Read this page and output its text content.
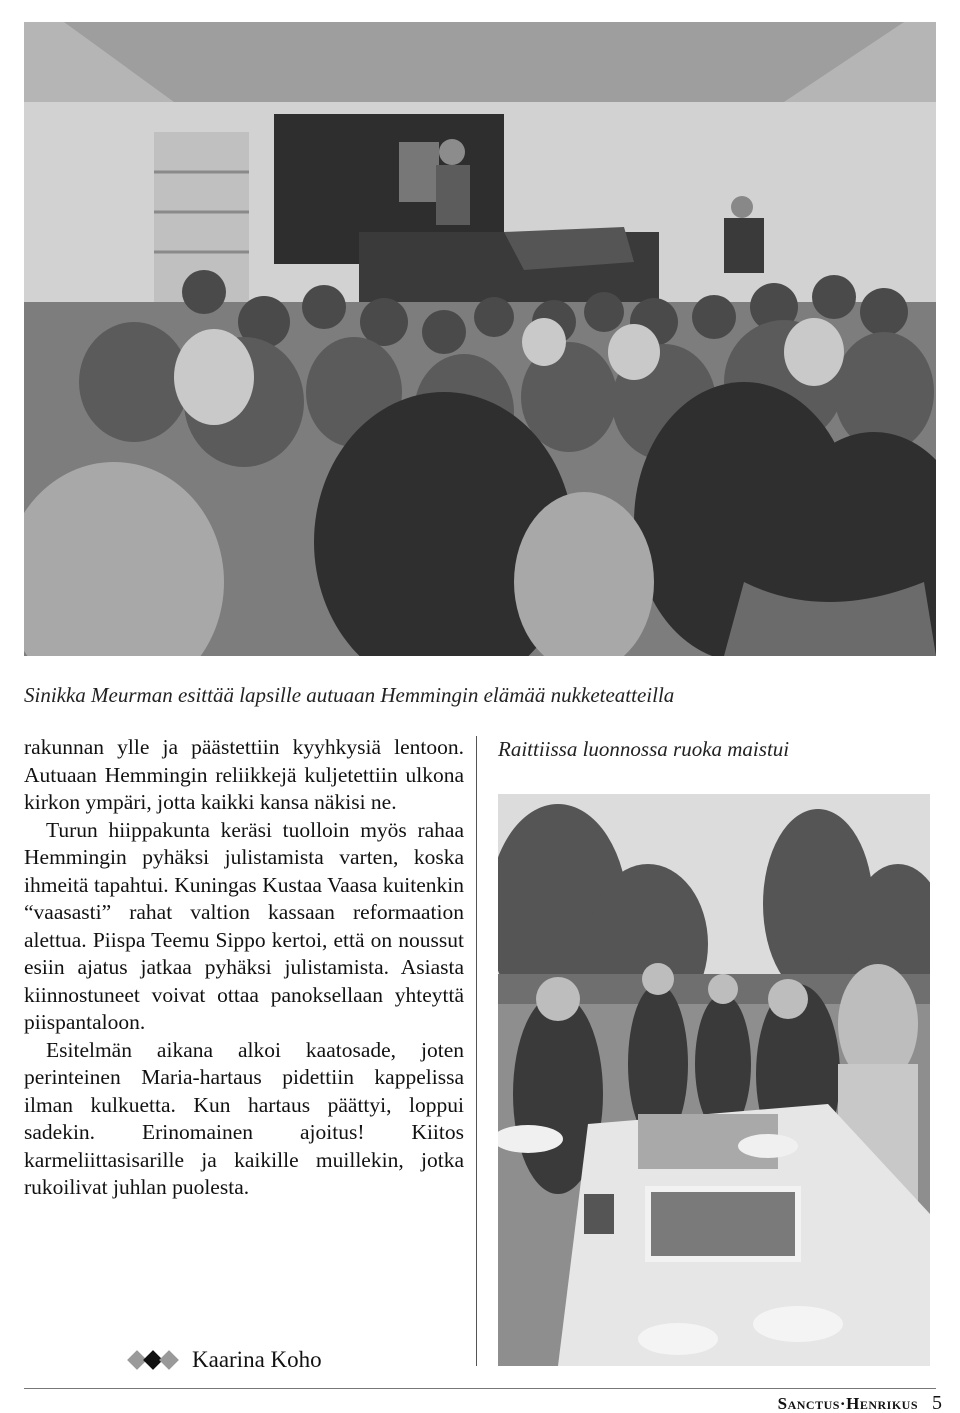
Sinikka Meurman esittää lapsille autuaan Hemmingin elämää nukketeatteilla

rakunnan ylle ja päästettiin kyyhkysiä lentoon. Autuaan Hemmingin reliikkejä kuljetettiin ulkona kirkon ympäri, jotta kaikki kansa näkisi ne.

Turun hiippakunta keräsi tuolloin myös rahaa Hemmingin pyhäksi julistamista varten, koska ihmeitä tapahtui. Kuningas Kustaa Vaasa kuitenkin “vaasasti” rahat valtion kassaan reformaation alettua. Piispa Teemu Sippo kertoi, että on noussut esiin ajatus jatkaa pyhäksi julistamista. Asiasta kiinnostuneet voivat ottaa panoksellaan yhteyttä piispantaloon.

Esitelmän aikana alkoi kaatosade, joten perinteinen Maria-hartaus pidettiin kappelissa ilman kulkuetta. Kun hartaus päättyi, loppui sadekin. Erinomainen ajoitus! Kiitos karmeliittasisarille ja kaikille muillekin, jotka rukoilivat juhlan puolesta.

Raittiissa luonnossa ruoka maistui
Kaarina Koho
Sanctus·Henrikus 5
